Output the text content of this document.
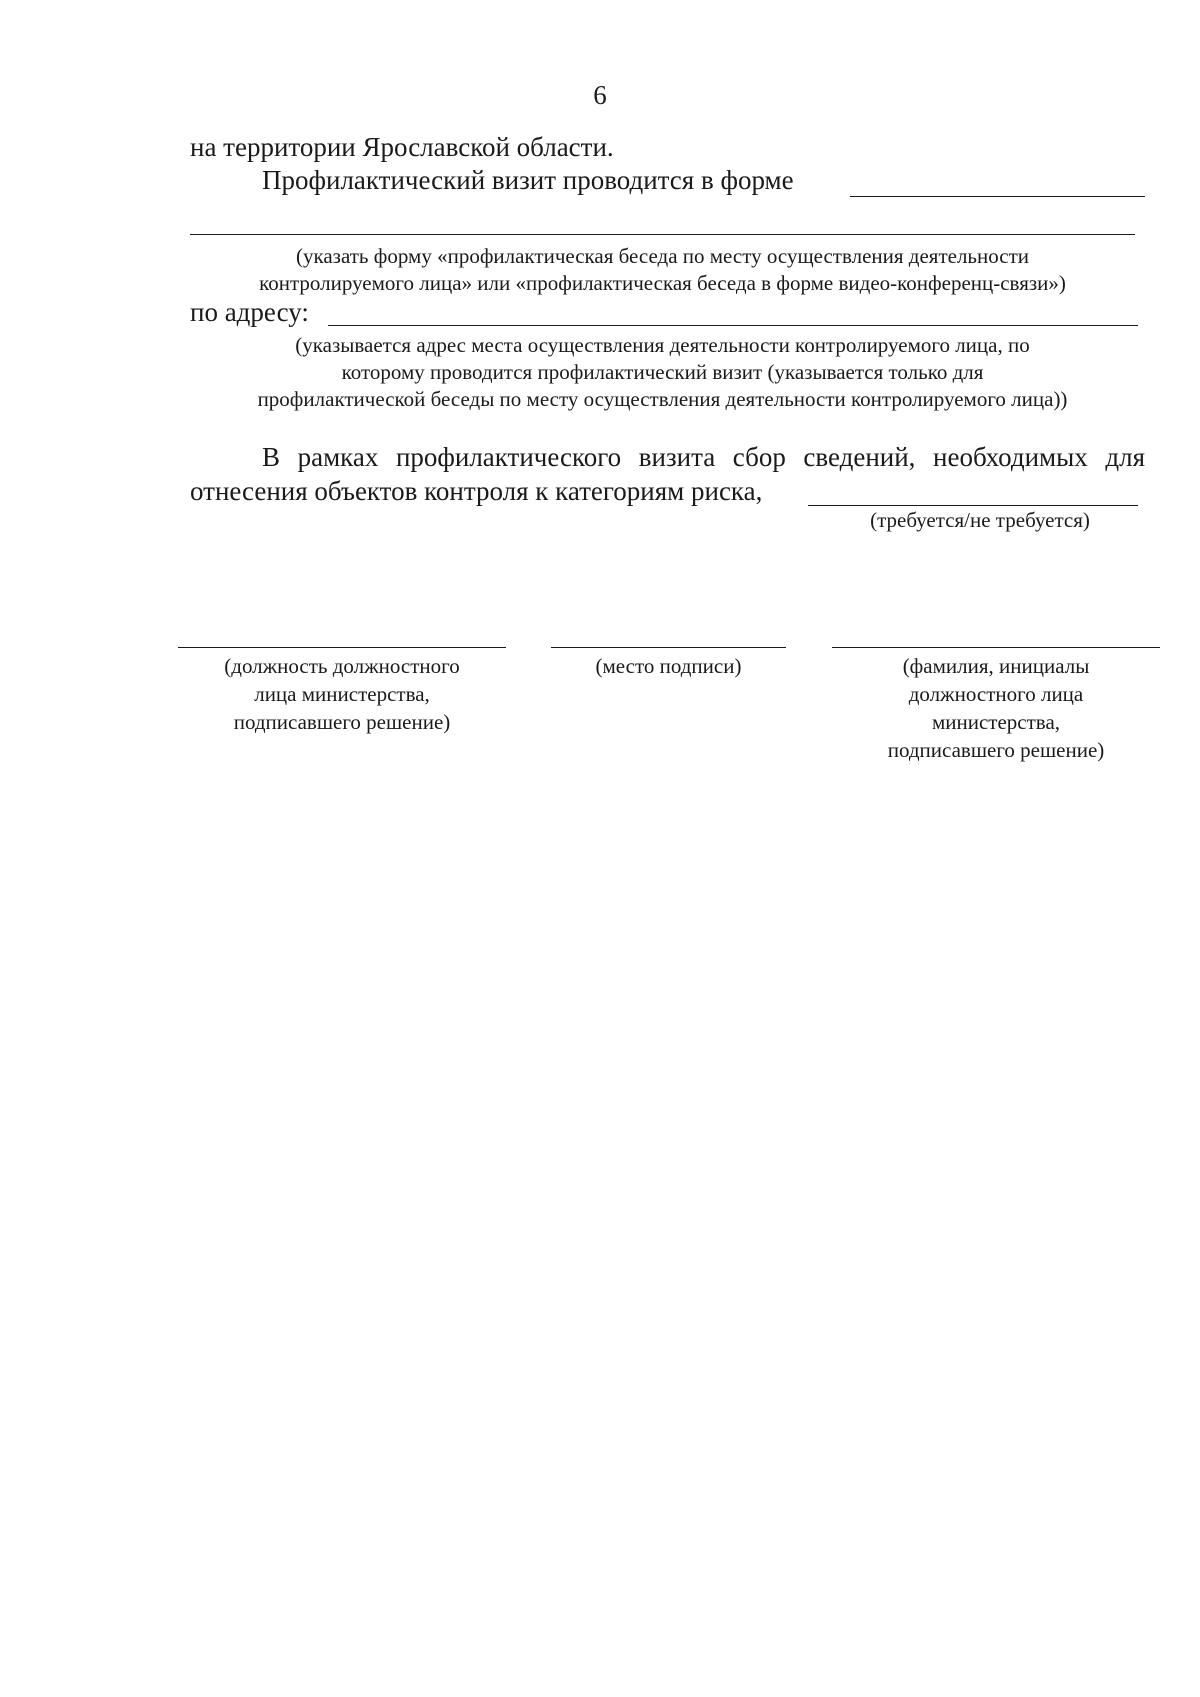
6
на территории Ярославской области.
Профилактический визит проводится в форме
(указать форму «профилактическая беседа по месту осуществления деятельности
контролируемого лица» или «профилактическая беседа в форме видео-конференц-связи»)
по адресу:
(указывается адрес места осуществления деятельности контролируемого лица, по
которому проводится профилактический визит (указывается только для
профилактической беседы по месту осуществления деятельности контролируемого лица))
В рамках профилактического визита сбор сведений, необходимых для
отнесения объектов контроля к категориям риска,
(требуется/не требуется)
(должность должностного
лица министерства,
подписавшего решение)
(место подписи)	(фамилия, инициалы
должностного лица
министерства,
подписавшего решение)
